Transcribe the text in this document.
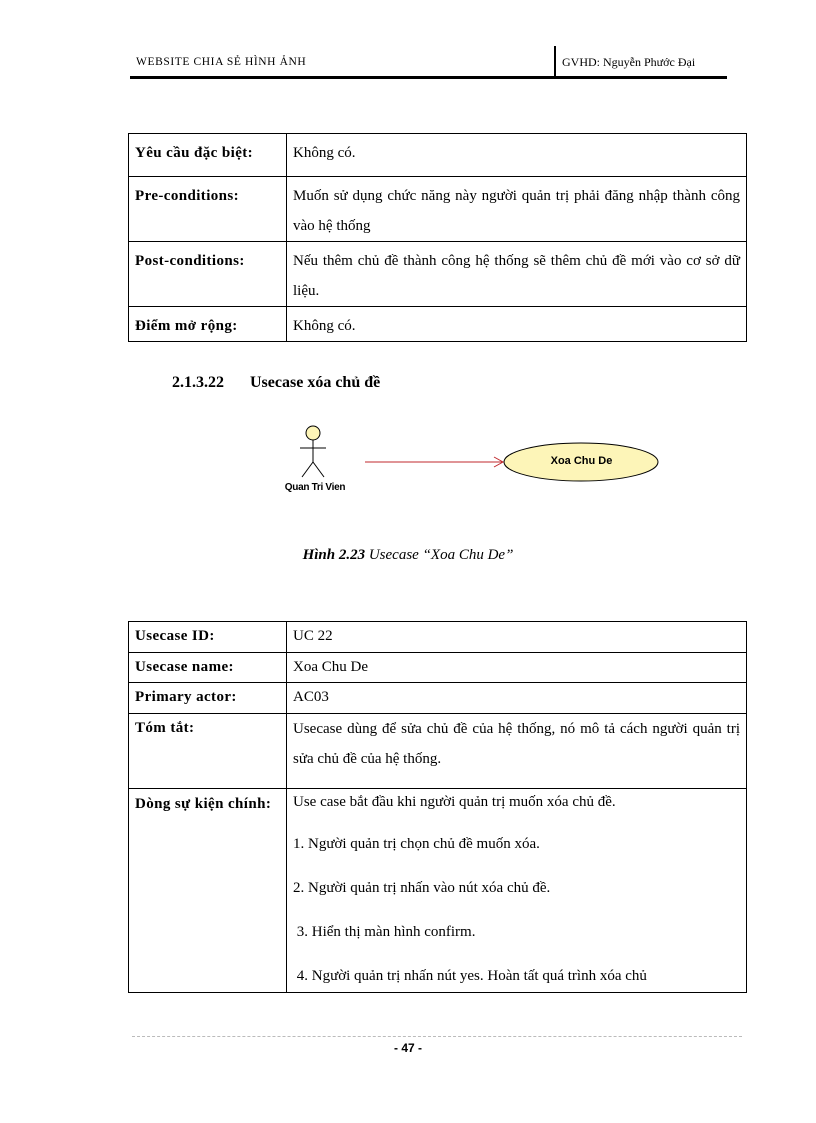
WEBSITE CHIA SẺ HÌNH ẢNH	GVHD: Nguyễn Phước Đại
Yêu cầu đặc biệt:	Không có.
Pre-conditions:	Muốn sử dụng chức năng này người quản trị phải đăng nhập thành công vào hệ thống
Post-conditions:	Nếu thêm chủ đề thành công hệ thống sẽ thêm chủ đề mới vào cơ sở dữ liệu.
Điểm mở rộng:	Không có.
2.1.3.22 Usecase xóa chủ đề
Quan Tri Vien
Xoa Chu De
Hình 2.23 Usecase “Xoa Chu De”
Usecase ID:	UC 22
Usecase name:	Xoa Chu De
Primary actor:	AC03
Tóm tắt:	Usecase dùng để sửa chủ đề của hệ thống, nó mô tả cách người quản trị sửa chủ đề của hệ thống.
Dòng sự kiện chính:	Use case bắt đầu khi người quản trị muốn xóa chủ đề.
1. Người quản trị chọn chủ đề muốn xóa.
2. Người quản trị nhấn vào nút xóa chủ đề.
3. Hiển thị màn hình confirm.
4. Người quản trị nhấn nút yes. Hoàn tất quá trình xóa chủ
- 47 -
